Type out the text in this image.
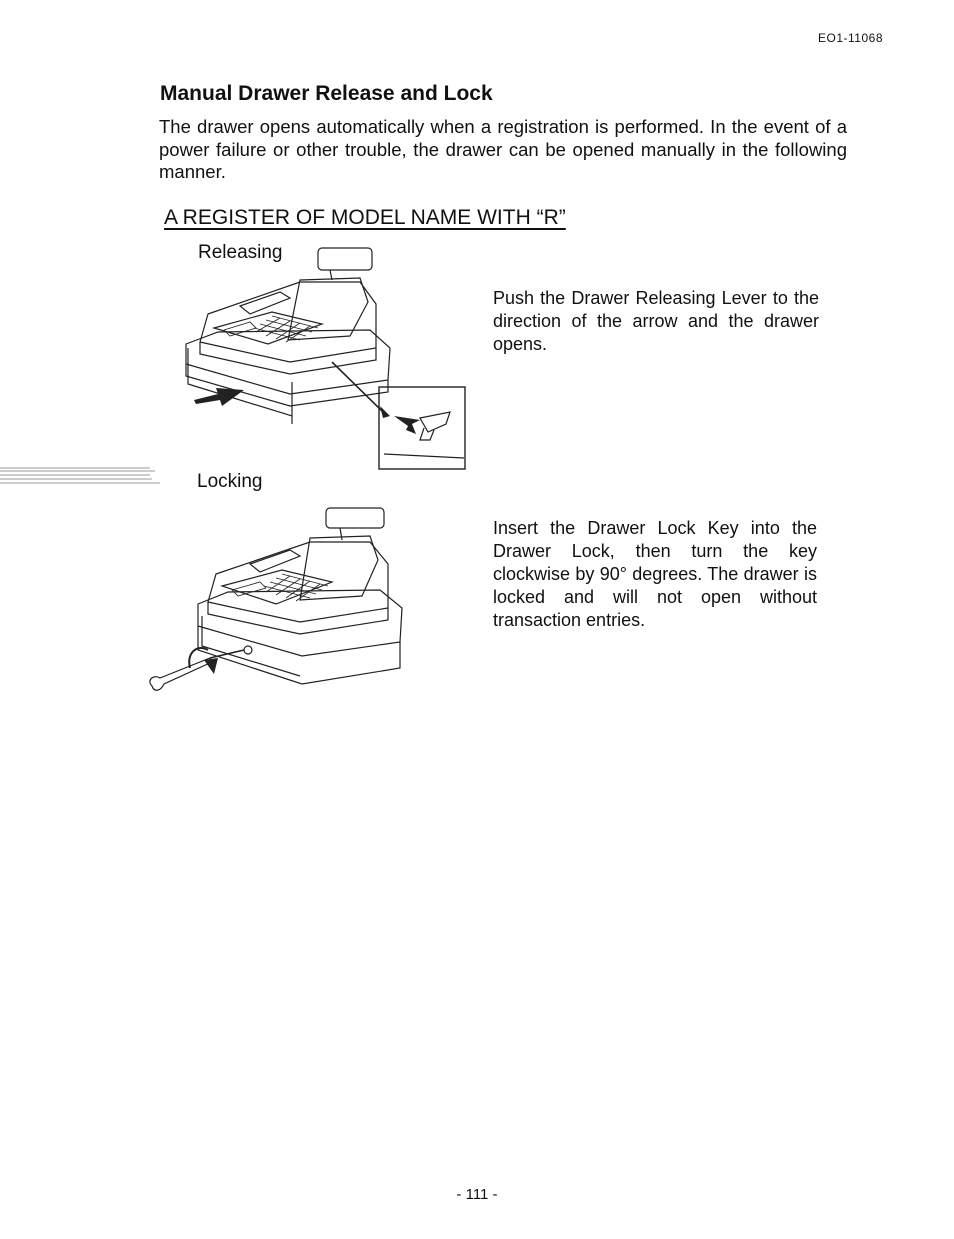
EO1-11068
Manual Drawer Release and Lock

The drawer opens automatically when a registration is performed. In the event of a power failure or other trouble, the drawer can be opened manually in the following manner.

A REGISTER OF MODEL NAME WITH “R”
Releasing

Push the Drawer Releasing Lever to the direction of the arrow and the drawer opens.

Locking

Insert the Drawer Lock Key into the Drawer Lock, then turn the key clockwise by 90° degrees. The drawer is locked and will not open without transaction entries.

- 111 -
